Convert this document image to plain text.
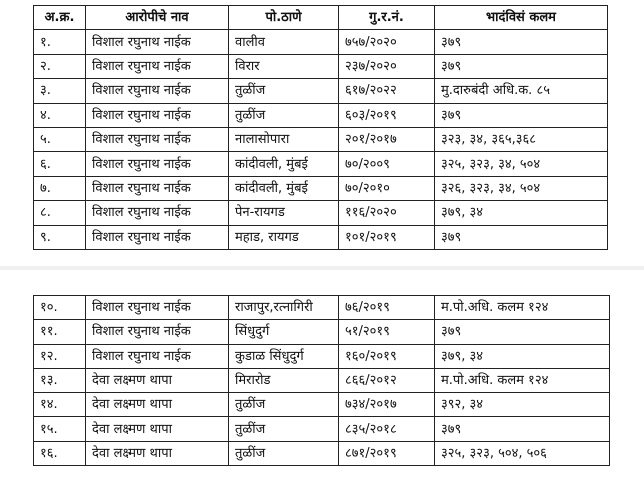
अ.क्र.	आरोपीचे नाव	पो.ठाणे	गु.र.नं.	भादंविसं कलम
१.	विशाल रघुनाथ नाईक	वालीव	७५७/२०२०	३७९
२.	विशाल रघुनाथ नाईक	विरार	२३७/२०२०	३७९
३.	विशाल रघुनाथ नाईक	तुळींज	६१७/२०२२	मु.दारुबंदी अधि.क. ८५
४.	विशाल रघुनाथ नाईक	तुळींज	६०३/२०१९	३७९
५.	विशाल रघुनाथ नाईक	नालासोपारा	२०१/२०१७	३२३, ३४, ३६५,३६८
६.	विशाल रघुनाथ नाईक	कांदीवली, मुंबई	७०/२००९	३२५, ३२३, ३४, ५०४
७.	विशाल रघुनाथ नाईक	कांदीवली, मुंबई	७०/२०१०	३२६, ३२३, ३४, ५०४
८.	विशाल रघुनाथ नाईक	पेन-रायगड	११६/२०२०	३७९, ३४
९.	विशाल रघुनाथ नाईक	महाड, रायगड	१०१/२०१९	३७९
१०.	विशाल रघुनाथ नाईक	राजापुर,रत्नागिरी	७६/२०१९	म.पो.अधि. कलम १२४
११.	विशाल रघुनाथ नाईक	सिंधुदुर्ग	५१/२०१९	३७९
१२.	विशाल रघुनाथ नाईक	कुडाळ सिंधुदुर्ग	१६०/२०१९	३७९, ३४
१३.	देवा लक्ष्मण थापा	मिरारोड	८६६/२०१२	म.पो.अधि. कलम १२४
१४.	देवा लक्ष्मण थापा	तुळींज	७३४/२०१७	३९२, ३४
१५.	देवा लक्ष्मण थापा	तुळींज	८३५/२०१८	३७९
१६.	देवा लक्ष्मण थापा	तुळींज	८७१/२०१९	३२५, ३२३, ५०४, ५०६
